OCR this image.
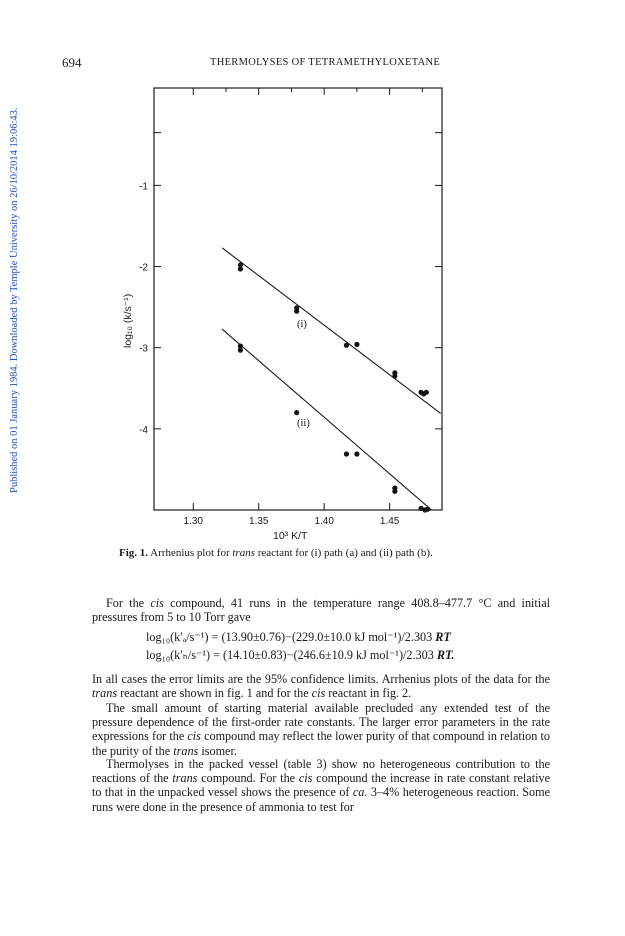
Published on 01 January 1984. Downloaded by Temple University on 26/10/2014 19:06:43.
694	THERMOLYSES OF TETRAMETHYLOXETANE
1.30	1.35	1.40	1.45
-1
-2
-3
-4
(i)
(ii)
10³ K/T
log₁₀ (k/s⁻¹)
Fig. 1. Arrhenius plot for trans reactant for (i) path (a) and (ii) path (b).
For the cis compound, 41 runs in the temperature range 408.8–477.7 °C and initial pressures from 5 to 10 Torr gave
log₁₀(k′ₐ/s⁻¹) = (13.90±0.76)−(229.0±10.0 kJ mol⁻¹)/2.303 RT
log₁₀(k′ₕ/s⁻¹) = (14.10±0.83)−(246.6±10.9 kJ mol⁻¹)/2.303 RT.
In all cases the error limits are the 95% confidence limits. Arrhenius plots of the data for the trans reactant are shown in fig. 1 and for the cis reactant in fig. 2.
The small amount of starting material available precluded any extended test of the pressure dependence of the first-order rate constants. The larger error parameters in the rate expressions for the cis compound may reflect the lower purity of that compound in relation to the purity of the trans isomer.
Thermolyses in the packed vessel (table 3) show no heterogeneous contribution to the reactions of the trans compound. For the cis compound the increase in rate constant relative to that in the unpacked vessel shows the presence of ca. 3–4% heterogeneous reaction. Some runs were done in the presence of ammonia to test for
